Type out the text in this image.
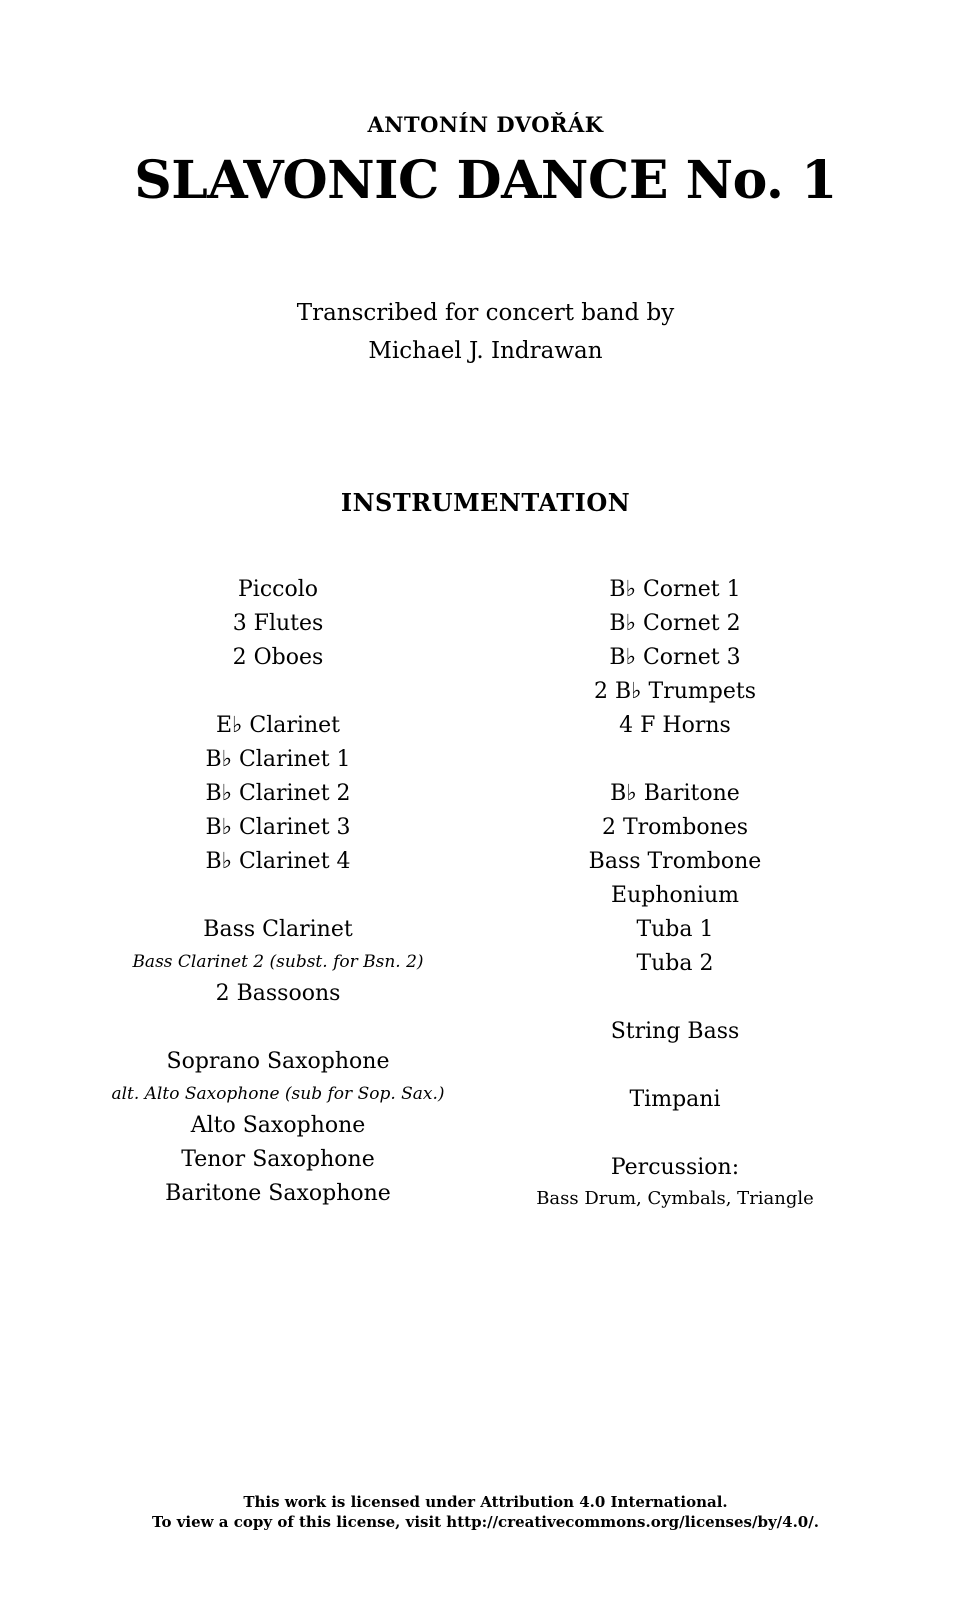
ANTONÍN DVOŘÁK
SLAVONIC DANCE No. 1
Transcribed for concert band by
Michael J. Indrawan
INSTRUMENTATION
Piccolo
3 Flutes
2 Oboes
E♭ Clarinet
B♭ Clarinet 1
B♭ Clarinet 2
B♭ Clarinet 3
B♭ Clarinet 4
Bass Clarinet
Bass Clarinet 2 (subst. for Bsn. 2)
2 Bassoons
Soprano Saxophone
alt. Alto Saxophone (sub for Sop. Sax.)
Alto Saxophone
Tenor Saxophone
Baritone Saxophone
B♭ Cornet 1
B♭ Cornet 2
B♭ Cornet 3
2 B♭ Trumpets
4 F Horns
B♭ Baritone
2 Trombones
Bass Trombone
Euphonium
Tuba 1
Tuba 2
String Bass
Timpani
Percussion:
Bass Drum, Cymbals, Triangle
This work is licensed under Attribution 4.0 International.
To view a copy of this license, visit http://creativecommons.org/licenses/by/4.0/.
